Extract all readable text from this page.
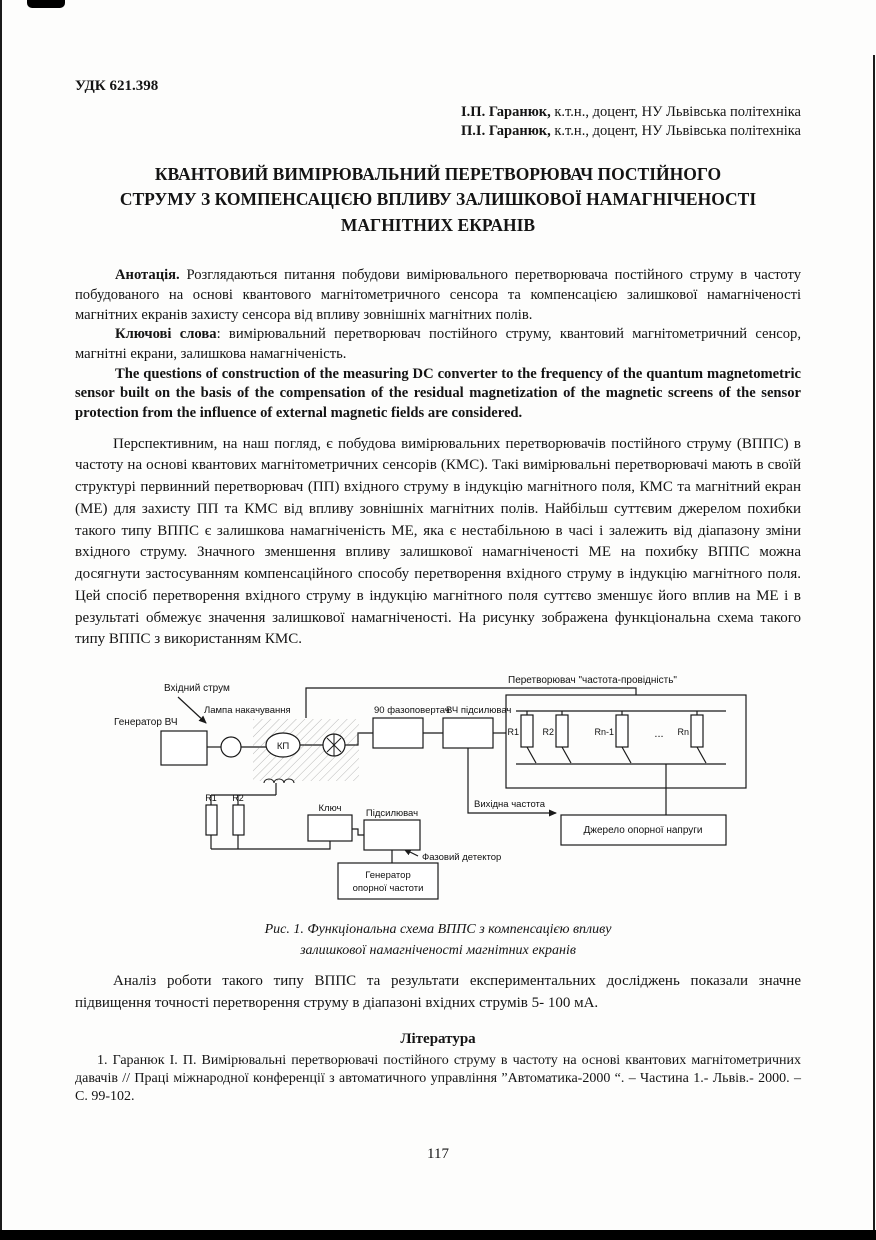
УДК 621.398
І.П. Гаранюк, к.т.н., доцент, НУ Львівська політехніка
П.І. Гаранюк, к.т.н., доцент, НУ Львівська політехніка
КВАНТОВИЙ ВИМІРЮВАЛЬНИЙ ПЕРЕТВОРЮВАЧ ПОСТІЙНОГО СТРУМУ З КОМПЕНСАЦІЄЮ ВПЛИВУ ЗАЛИШКОВОЇ НАМАГНІЧЕНОСТІ МАГНІТНИХ ЕКРАНІВ

Анотація. Розглядаються питання побудови вимірювального перетворювача постійного струму в частоту побудованого на основі квантового магнітометричного сенсора та компенсацією залишкової намагніченості магнітних екранів захисту сенсора від впливу зовнішніх магнітних полів.

Ключові слова: вимірювальний перетворювач постійного струму, квантовий магнітометричний сенсор, магнітні екрани, залишкова намагніченість.

The questions of construction of the measuring DC converter to the frequency of the quantum magnetometric sensor built on the basis of the compensation of the residual magnetization of the magnetic screens of the sensor protection from the influence of external magnetic fields are considered.

Перспективним, на наш погляд, є побудова вимірювальних перетворювачів постійного струму (ВППС) в частоту на основі квантових магнітометричних сенсорів (КМС). Такі вимірювальні перетворювачі мають в своїй структурі первинний перетворювач (ПП) вхідного струму в індукцію магнітного поля, КМС та магнітний екран (МЕ) для захисту ПП та КМС від впливу зовнішніх магнітних полів. Найбільш суттєвим джерелом похибки такого типу ВППС є залишкова намагніченість МЕ, яка є нестабільною в часі і залежить від діапазону зміни вхідного струму. Значного зменшення впливу залишкової намагніченості МЕ на похибку ВППС можна досягнути застосуванням компенсаційного способу перетворення вхідного струму в індукцію магнітного поля. Цей спосіб перетворення вхідного струму в індукцію магнітного поля суттєво зменшує його вплив на МЕ і в результаті обмежує значення залишкової намагніченості. На рисунку зображена функціональна схема такого типу ВППС з використанням КМС.

Вхідний струм
Генератор ВЧ
Лампа накачування
КП
90 фазоповертач
ВЧ підсилювач
Перетворювач "частота-провідність"
R1	R2	Rn-1	... Rn
R1 R2
Ключ	Підсилювач
Вихідна частота
Фазовий детектор
Генератор
опорної частоти
Джерело опорної напруги
Рис. 1. Функціональна схема ВППС з компенсацією впливу
залишкової намагніченості магнітних екранів

Аналіз роботи такого типу ВППС та результати експериментальних досліджень показали значне підвищення точності перетворення струму в діапазоні вхідних струмів 5- 100 мА.

Література

1. Гаранюк І. П. Вимірювальні перетворювачі постійного струму в частоту на основі квантових магнітометричних давачів // Праці міжнародної конференції з автоматичного управління ”Автоматика-2000 “. – Частина 1.- Львів.- 2000. – С. 99-102.

117
